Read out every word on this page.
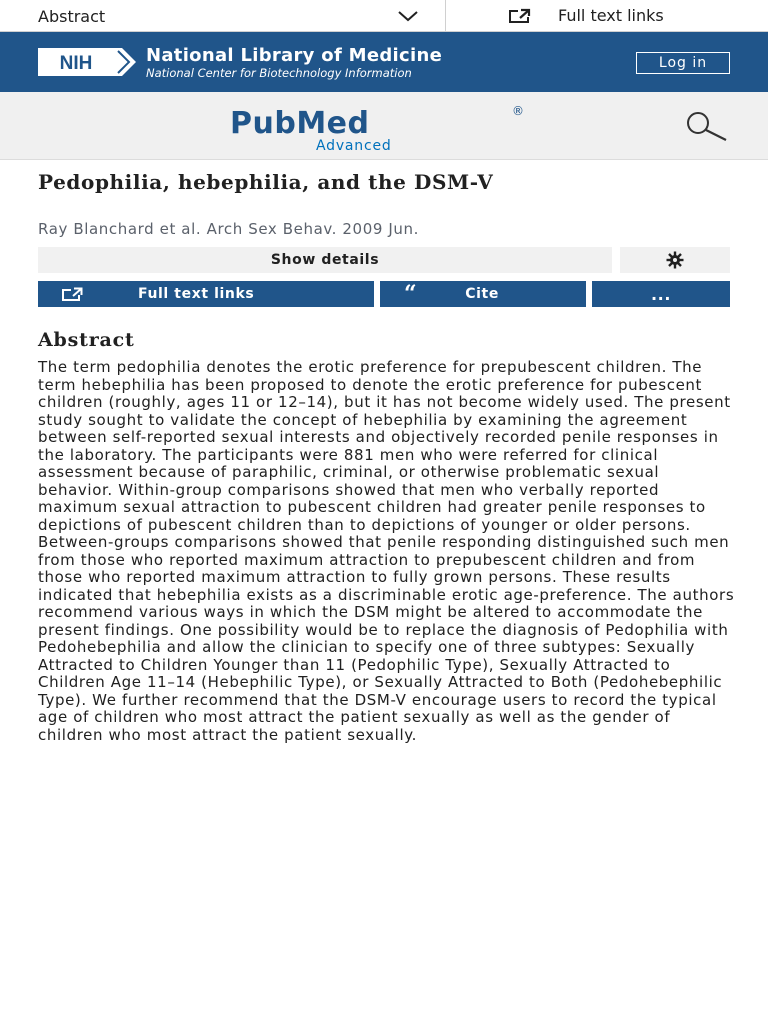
Abstract	Full text links
NIH	National Library of Medicine
National Center for Biotechnology Information
Log in
PubMed	®
Advanced
Pedophilia, hebephilia, and the DSM-V
Ray Blanchard et al. Arch Sex Behav. 2009 Jun.
Show details
Full text links	“	Cite	...
Abstract
The term pedophilia denotes the erotic preference for prepubescent children. The term hebephilia has been proposed to denote the erotic preference for pubescent children (roughly, ages 11 or 12–14), but it has not become widely used. The present study sought to validate the concept of hebephilia by examining the agreement between self-reported sexual interests and objectively recorded penile responses in the laboratory. The participants were 881 men who were referred for clinical assessment because of paraphilic, criminal, or otherwise problematic sexual behavior. Within-group comparisons showed that men who verbally reported maximum sexual attraction to pubescent children had greater penile responses to depictions of pubescent children than to depictions of younger or older persons. Between-groups comparisons showed that penile responding distinguished such men from those who reported maximum attraction to prepubescent children and from those who reported maximum attraction to fully grown persons. These results indicated that hebephilia exists as a discriminable erotic age-preference. The authors recommend various ways in which the DSM might be altered to accommodate the present findings. One possibility would be to replace the diagnosis of Pedophilia with Pedohebephilia and allow the clinician to specify one of three subtypes: Sexually Attracted to Children Younger than 11 (Pedophilic Type), Sexually Attracted to Children Age 11–14 (Hebephilic Type), or Sexually Attracted to Both (Pedohebephilic Type). We further recommend that the DSM-V encourage users to record the typical age of children who most attract the patient sexually as well as the gender of children who most attract the patient sexually.
